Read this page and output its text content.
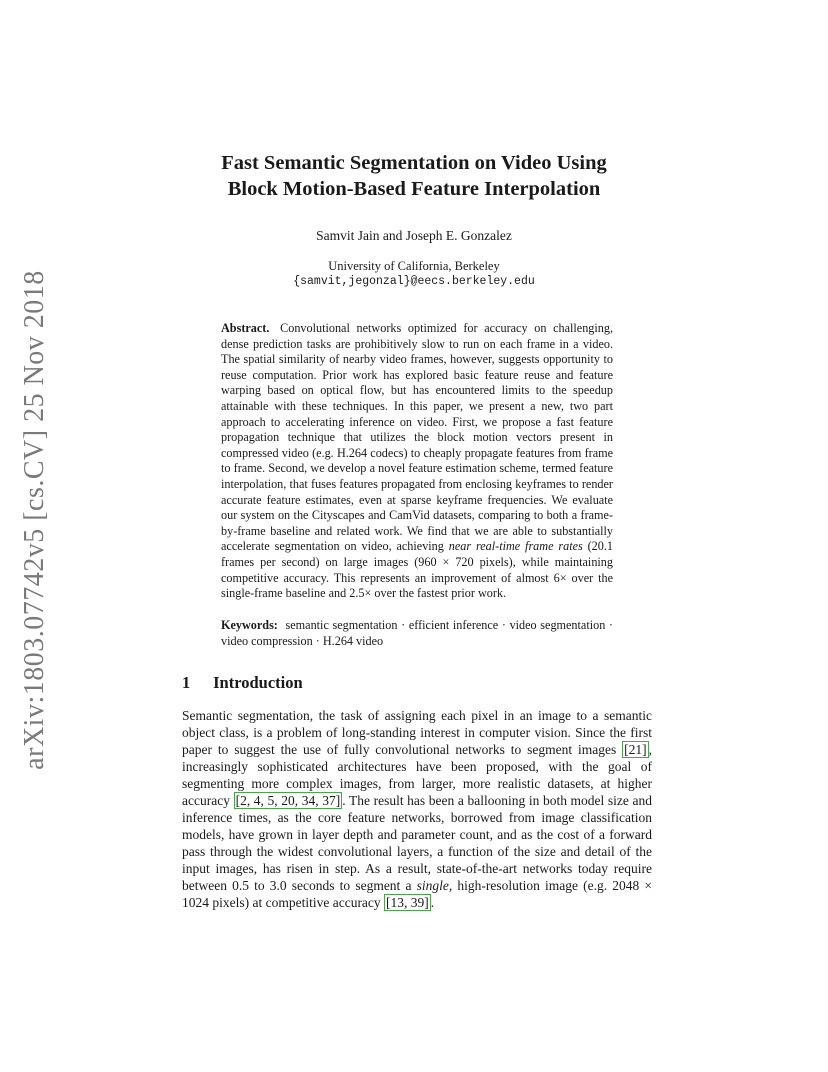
arXiv:1803.07742v5 [cs.CV] 25 Nov 2018
Fast Semantic Segmentation on Video Using
Block Motion-Based Feature Interpolation
Samvit Jain and Joseph E. Gonzalez
University of California, Berkeley
{samvit,jegonzal}@eecs.berkeley.edu

Abstract. Convolutional networks optimized for accuracy on challenging, dense prediction tasks are prohibitively slow to run on each frame in a video. The spatial similarity of nearby video frames, however, suggests opportunity to reuse computation. Prior work has explored basic feature reuse and feature warping based on optical flow, but has encountered limits to the speedup attainable with these techniques. In this paper, we present a new, two part approach to accelerating inference on video. First, we propose a fast feature propagation technique that utilizes the block motion vectors present in compressed video (e.g. H.264 codecs) to cheaply propagate features from frame to frame. Second, we develop a novel feature estimation scheme, termed feature interpolation, that fuses features propagated from enclosing keyframes to render accurate feature estimates, even at sparse keyframe frequencies. We evaluate our system on the Cityscapes and CamVid datasets, comparing to both a frame-by-frame baseline and related work. We find that we are able to substantially accelerate segmentation on video, achieving near real-time frame rates (20.1 frames per second) on large images (960 × 720 pixels), while maintaining competitive accuracy. This represents an improvement of almost 6× over the single-frame baseline and 2.5× over the fastest prior work.

Keywords: semantic segmentation · efficient inference · video segmentation · video compression · H.264 video
1 Introduction

Semantic segmentation, the task of assigning each pixel in an image to a semantic object class, is a problem of long-standing interest in computer vision. Since the first paper to suggest the use of fully convolutional networks to segment images [21] , increasingly sophisticated architectures have been proposed, with the goal of segmenting more complex images, from larger, more realistic datasets, at higher accuracy [2, 4, 5, 20, 34, 37] . The result has been a ballooning in both model size and inference times, as the core feature networks, borrowed from image classification models, have grown in layer depth and parameter count, and as the cost of a forward pass through the widest convolutional layers, a function of the size and detail of the input images, has risen in step. As a result, state-of-the-art networks today require between 0.5 to 3.0 seconds to segment a single, high-resolution image (e.g. 2048 × 1024 pixels) at competitive accuracy [13, 39] .
